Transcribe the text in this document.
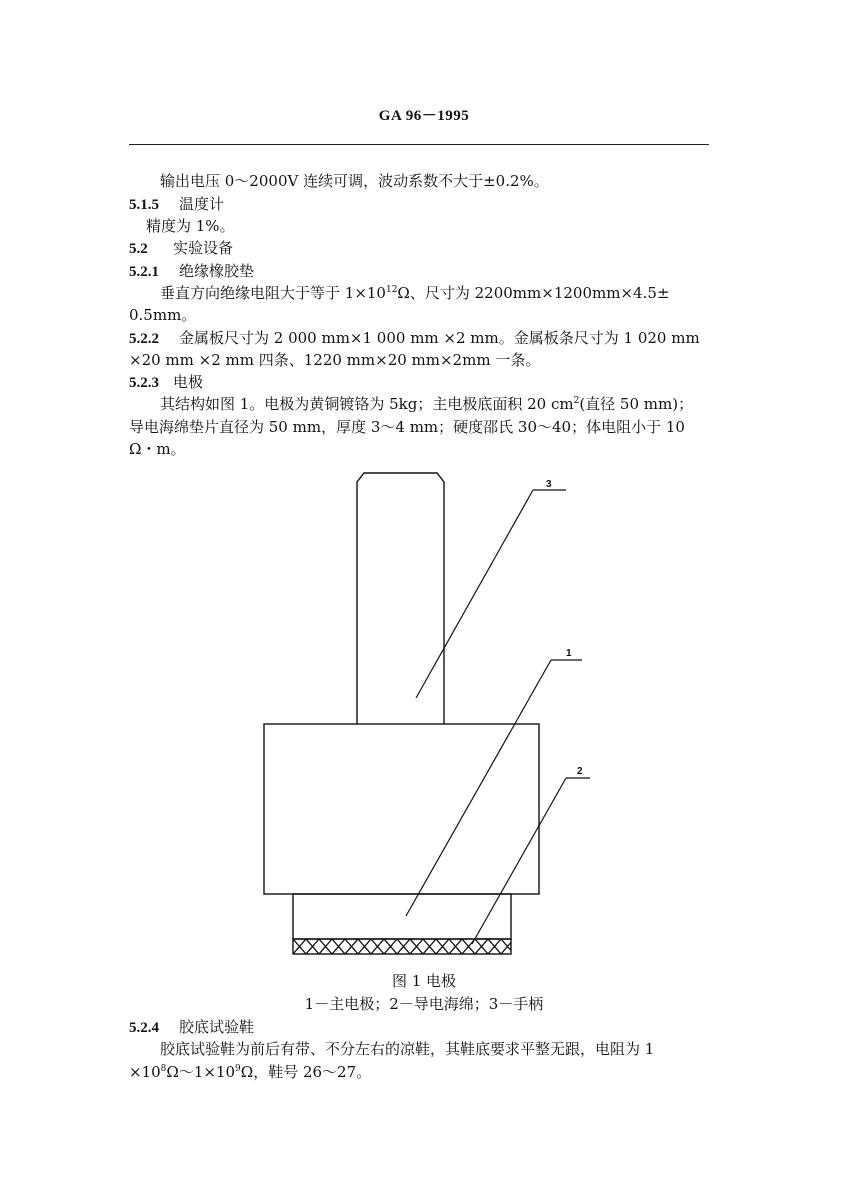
GA 96－1995
输出电压 0～2000V 连续可调，波动系数不大于±0.2%。
5.1.5 温度计
精度为 1%。
5.2 实验设备
5.2.1 绝缘橡胶垫
垂直方向绝缘电阻大于等于 $1\times 10^{12}\Omega$、尺寸为 2200mm×1200mm×4.5±
0.5mm。
5.2.2 金属板尺寸为 2 000 mm×1 000 mm ×2 mm。金属板条尺寸为 1 020 mm
×20 mm ×2 mm 四条、1220 mm×20 mm×2mm 一条。
5.2.3 电极
其结构如图 1。电极为黄铜镀铬为 5kg；主电极底面积 20 $cm^2$(直径 50 mm)；
导电海绵垫片直径为 50 mm，厚度 3～4 mm；硬度邵氏 30～40；体电阻小于 10
Ω・m。
3
1
2
图 1 电极
1－主电极；2－导电海绵；3－手柄
5.2.4 胶底试验鞋
胶底试验鞋为前后有带、不分左右的凉鞋，其鞋底要求平整无跟，电阻为 1
$\times 10^8\Omega\sim 1\times 10^9\Omega$，鞋号 26～27。
